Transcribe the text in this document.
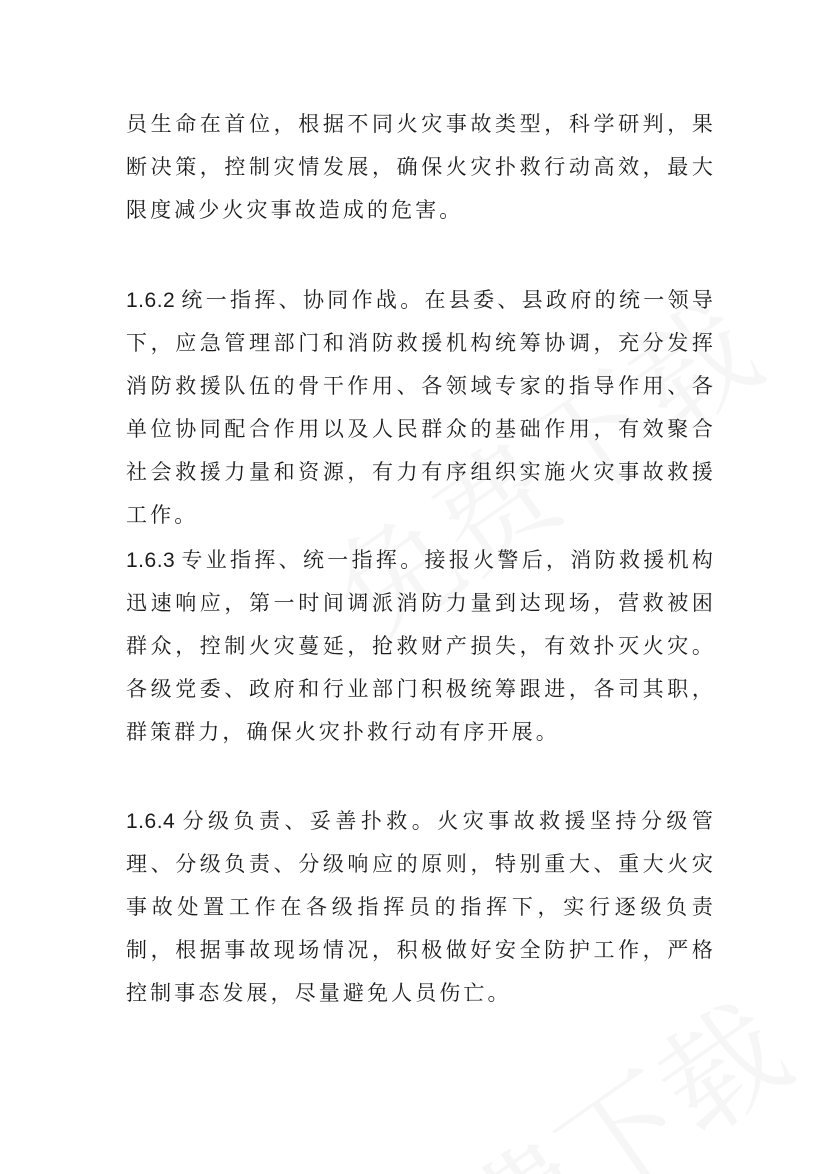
员生命在首位，根据不同火灾事故类型，科学研判，果断决策，控制灾情发展，确保火灾扑救行动高效，最大限度减少火灾事故造成的危害。

1.6.2 统一指挥、协同作战。在县委、县政府的统一领导下，应急管理部门和消防救援机构统筹协调，充分发挥消防救援队伍的骨干作用、各领域专家的指导作用、各单位协同配合作用以及人民群众的基础作用，有效聚合社会救援力量和资源，有力有序组织实施火灾事故救援工作。

1.6.3 专业指挥、统一指挥。接报火警后，消防救援机构迅速响应，第一时间调派消防力量到达现场，营救被困群众，控制火灾蔓延，抢救财产损失，有效扑灭火灾。各级党委、政府和行业部门积极统筹跟进，各司其职，群策群力，确保火灾扑救行动有序开展。

1.6.4 分级负责、妥善扑救。火灾事故救援坚持分级管理、分级负责、分级响应的原则，特别重大、重大火灾事故处置工作在各级指挥员的指挥下，实行逐级负责制，根据事故现场情况，积极做好安全防护工作，严格控制事态发展，尽量避免人员伤亡。
